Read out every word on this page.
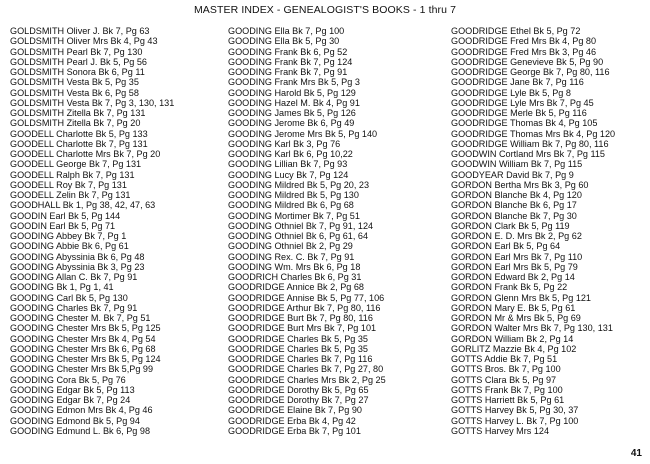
MASTER INDEX - GENEALOGIST'S BOOKS - 1 thru 7
GOLDSMITH Oliver J. Bk 7, Pg 63
GOLDSMITH Oliver Mrs Bk 4, Pg 43
GOLDSMITH Pearl Bk 7, Pg 130
GOLDSMITH Pearl J. Bk 5, Pg 56
GOLDSMITH Sonora Bk 6, Pg 11
GOLDSMITH Vesta Bk 5, Pg 35
GOLDSMITH Vesta Bk 6, Pg 58
GOLDSMITH Vesta Bk 7, Pg 3, 130, 131
GOLDSMITH Zitella Bk 7, Pg 131
GOLDSMITH Zitella Bk 7, Pg 20
GOODELL Charlotte Bk 5, Pg 133
GOODELL Charlotte Bk 7, Pg 131
GOODELL Charlotte Mrs Bk 7, Pg 20
GOODELL George Bk 7, Pg 131
GOODELL Ralph Bk 7, Pg 131
GOODELL Roy Bk 7, Pg 131
GOODELL Zelin Bk 7, Pg 131
GOODHALL Bk 1, Pg 38, 42, 47, 63
GOODIN Earl Bk 5, Pg 144
GOODIN Earl Bk 5, Pg 71
GOODING Abbey Bk 7, Pg 1
GOODING Abbie Bk 6, Pg 61
GOODING Abyssinia Bk 6, Pg 48
GOODING Abyssinia Bk 3, Pg 23
GOODING Allan C. Bk 7, Pg 91
GOODING Bk 1, Pg 1, 41
GOODING Carl Bk 5, Pg 130
GOODING Charles Bk 7, Pg 91
GOODING Chester M. Bk 7, Pg 51
GOODING Chester Mrs Bk 5, Pg 125
GOODING Chester Mrs Bk 4, Pg 54
GOODING Chester Mrs Bk 6, Pg 68
GOODING Chester Mrs Bk 5, Pg 124
GOODING Chester Mrs Bk 5,Pg 99
GOODING Cora Bk 5, Pg 76
GOODING Edgar Bk 5, Pg 113
GOODING Edgar Bk 7, Pg 24
GOODING Edmon Mrs Bk 4, Pg 46
GOODING Edmond Bk 5, Pg 94
GOODING Edmund L. Bk 6, Pg 98
GOODING Ella Bk 7, Pg 100
GOODING Ella Bk 5, Pg 30
GOODING Frank Bk 6, Pg 52
GOODING Frank Bk 7, Pg 124
GOODING Frank Bk 7, Pg 91
GOODING Frank Mrs Bk 5, Pg 3
GOODING Harold Bk 5, Pg 129
GOODING Hazel M. Bk 4, Pg 91
GOODING James Bk 5, Pg 126
GOODING Jerome Bk 6, Pg 49
GOODING Jerome Mrs Bk 5, Pg 140
GOODING Karl Bk 3, Pg 76
GOODING Karl Bk 6, Pg 10,22
GOODING Lillian Bk 7, Pg 93
GOODING Lucy Bk 7, Pg 124
GOODING Mildred Bk 5, Pg 20, 23
GOODING Mildred Bk 5, Pg 130
GOODING Mildred Bk 6, Pg 68
GOODING Mortimer Bk 7, Pg 51
GOODING Othniel Bk 7, Pg 91, 124
GOODING Othniel Bk 6, Pg 61, 64
GOODING Othniel Bk 2, Pg 29
GOODING Rex. C. Bk 7, Pg 91
GOODING Wm. Mrs Bk 6, Pg 18
GOODRICH Charles Bk 6, Pg 31
GOODRIDGE Annice Bk 2, Pg 68
GOODRIDGE Annise Bk 5, Pg 77, 106
GOODRIDGE Arthur Bk 7, Pg 80, 116
GOODRIDGE Burt Bk 7, Pg 80, 116
GOODRIDGE Burt Mrs Bk 7, Pg 101
GOODRIDGE Charles Bk 5, Pg 35
GOODRIDGE Charles Bk 5, Pg 35
GOODRIDGE Charles Bk 7, Pg 116
GOODRIDGE Charles Bk 7, Pg 27, 80
GOODRIDGE Charles Mrs Bk 2, Pg 25
GOODRIDGE Dorothy Bk 5, Pg 65
GOODRIDGE Dorothy Bk 7, Pg 27
GOODRIDGE Elaine Bk 7, Pg 90
GOODRIDGE Erba Bk 4, Pg 42
GOODRIDGE Erba Bk 7, Pg 101
GOODRIDGE Ethel Bk 5, Pg 72
GOODRIDGE Fred Mrs Bk 4, Pg 80
GOODRIDGE Fred Mrs Bk 3, Pg 46
GOODRIDGE Genevieve Bk 5, Pg 90
GOODRIDGE George Bk 7, Pg 80, 116
GOODRIDGE Jane Bk 7, Pg 116
GOODRIDGE Lyle Bk 5, Pg 8
GOODRIDGE Lyle Mrs Bk 7, Pg 45
GOODRIDGE Merle Bk 5, Pg 116
GOODRIDGE Thomas Bk 4, Pg 105
GOODRIDGE Thomas Mrs Bk 4, Pg 120
GOODRIDGE William Bk 7, Pg 80, 116
GOODWIN Cortland Mrs Bk 7, Pg 115
GOODWIN William Bk 7, Pg 115
GOODYEAR David Bk 7, Pg 9
GORDON Bertha Mrs Bk 3, Pg 60
GORDON Blanche Bk 4, Pg 120
GORDON Blanche Bk 6, Pg 17
GORDON Blanche Bk 7, Pg 30
GORDON Clark Bk 5, Pg 119
GORDON E. D. Mrs Bk 2, Pg 62
GORDON Earl Bk 5, Pg 64
GORDON Earl Mrs Bk 7, Pg 110
GORDON Earl Mrs Bk 5, Pg 79
GORDON Edward Bk 2, Pg 14
GORDON Frank Bk 5, Pg 22
GORDON Glenn Mrs Bk 5, Pg 121
GORDON Mary E. Bk 5, Pg 61
GORDON Mr & Mrs Bk 5, Pg 69
GORDON Walter Mrs Bk 7, Pg 130, 131
GORDON William Bk 2, Pg 14
GORLITZ Mazzie Bk 4, Pg 102
GOTTS Addie Bk 7, Pg 51
GOTTS Bros. Bk 7, Pg 100
GOTTS Clara Bk 5, Pg 97
GOTTS Frank Bk 7, Pg 100
GOTTS Harriett Bk 5, Pg 61
GOTTS Harvey Bk 5, Pg 30, 37
GOTTS Harvey L. Bk 7, Pg 100
GOTTS Harvey Mrs 124
41
